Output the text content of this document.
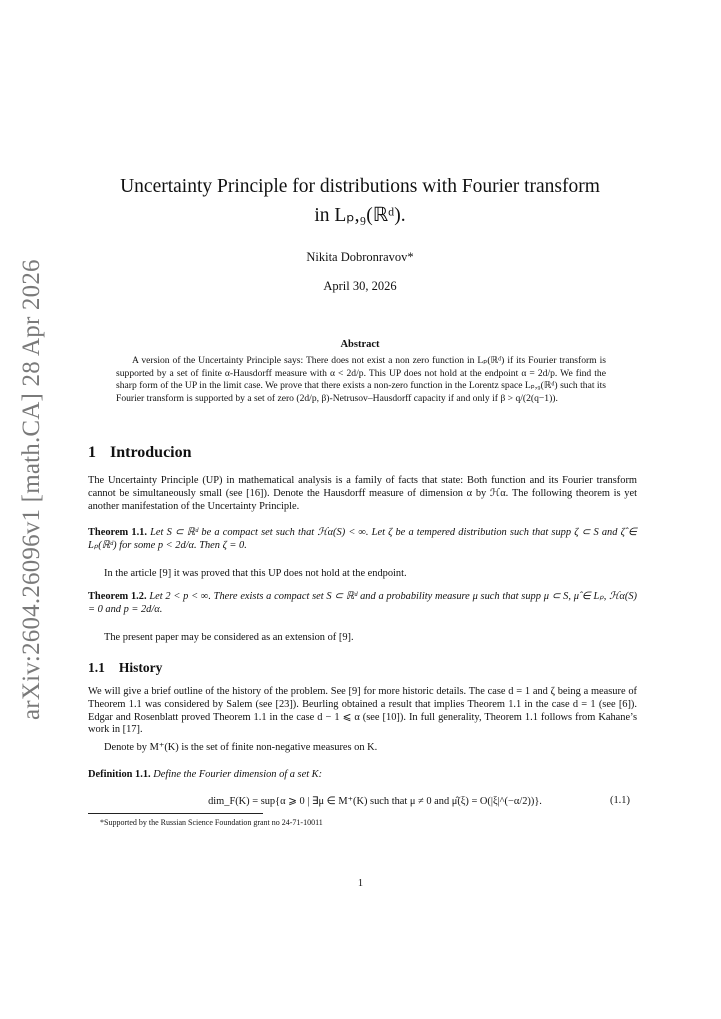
arXiv:2604.26096v1 [math.CA] 28 Apr 2026
Uncertainty Principle for distributions with Fourier transform
in Lₚ,₉(ℝᵈ).
Nikita Dobronravov*
April 30, 2026
Abstract
A version of the Uncertainty Principle says: There does not exist a non zero function in Lₚ(ℝᵈ) if its Fourier transform is supported by a set of finite α-Hausdorff measure with α < 2d/p. This UP does not hold at the endpoint α = 2d/p. We find the sharp form of the UP in the limit case. We prove that there exists a non-zero function in the Lorentz space Lₚ,₉(ℝᵈ) such that its Fourier transform is supported by a set of zero (2d/p, β)-Netrusov–Hausdorff capacity if and only if β > q/(2(q−1)).
1 Introducion
The Uncertainty Principle (UP) in mathematical analysis is a family of facts that state: Both function and its Fourier transform cannot be simultaneously small (see [16]). Denote the Hausdorff measure of dimension α by ℋα. The following theorem is yet another manifestation of the Uncertainty Principle.
Theorem 1.1. Let S ⊂ ℝᵈ be a compact set such that ℋα(S) < ∞. Let ζ be a tempered distribution such that supp ζ ⊂ S and ζ̂ ∈ Lₚ(ℝᵈ) for some p < 2d/α. Then ζ = 0.
In the article [9] it was proved that this UP does not hold at the endpoint.
Theorem 1.2. Let 2 < p < ∞. There exists a compact set S ⊂ ℝᵈ and a probability measure μ such that supp μ ⊂ S, μ̂ ∈ Lₚ, ℋα(S) = 0 and p = 2d/α.
The present paper may be considered as an extension of [9].
1.1 History
We will give a brief outline of the history of the problem. See [9] for more historic details. The case d = 1 and ζ being a measure of Theorem 1.1 was considered by Salem (see [23]). Beurling obtained a result that implies Theorem 1.1 in the case d = 1 (see [6]). Edgar and Rosenblatt proved Theorem 1.1 in the case d − 1 ⩽ α (see [10]). In full generality, Theorem 1.1 follows from Kahane’s work in [17].
Denote by M⁺(K) is the set of finite non-negative measures on K.
Definition 1.1. Define the Fourier dimension of a set K:
dim_F(K) = sup{α ⩾ 0 | ∃μ ∈ M⁺(K) such that μ ≠ 0 and μ̂(ξ) = O(|ξ|^(−α/2))}.	(1.1)
*Supported by the Russian Science Foundation grant no 24-71-10011
1
